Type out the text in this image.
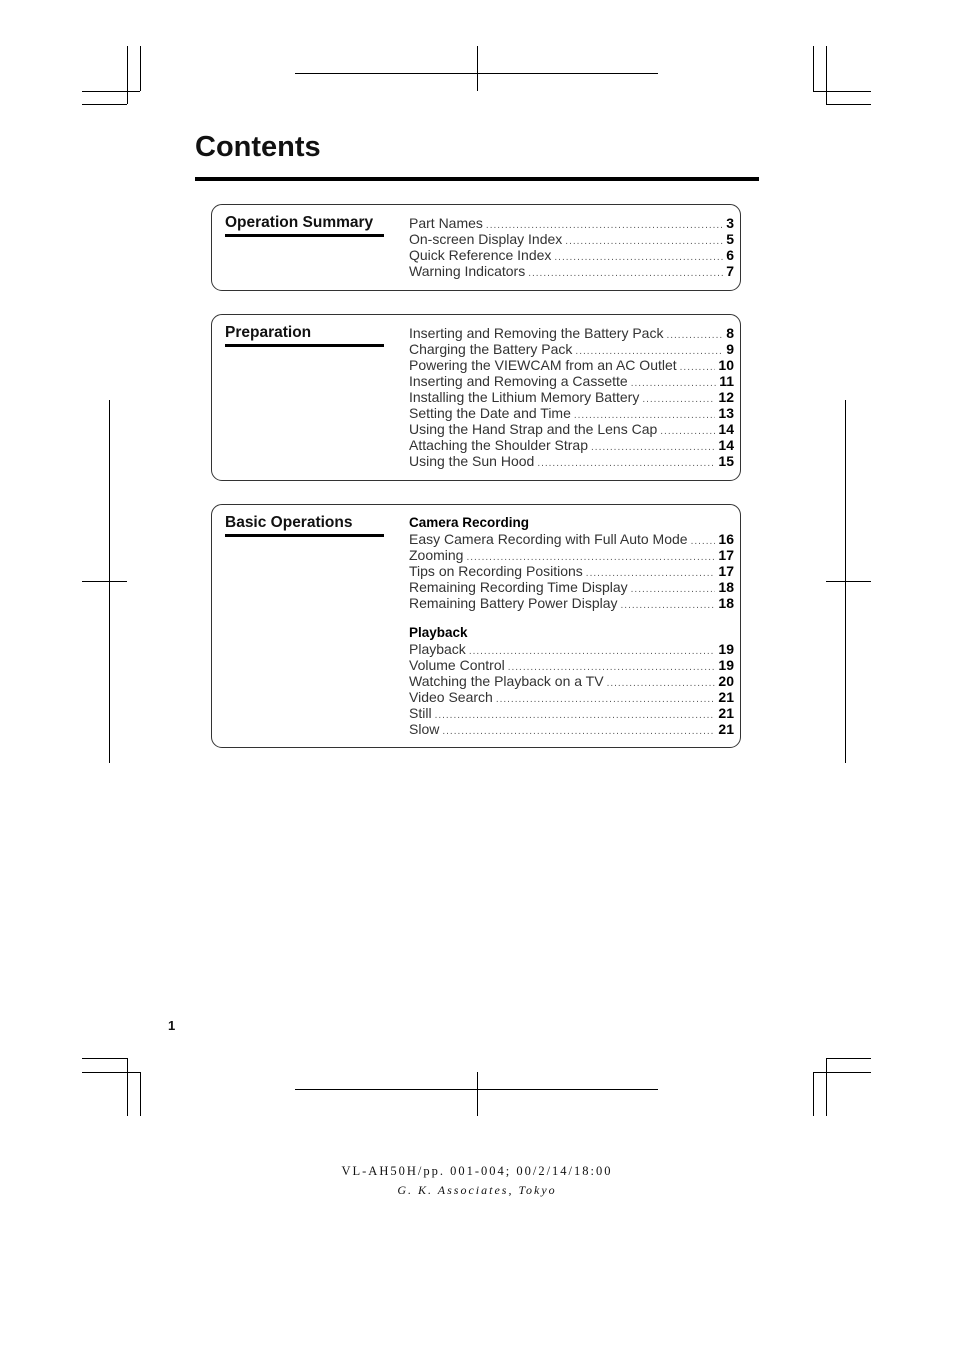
Contents
Operation Summary	Part Names .....	3
On-screen Display Index .....	5
Quick Reference Index .....	6
Warning Indicators .....	7
Preparation	Inserting and Removing the Battery Pack .....	8
Charging the Battery Pack .....	9
Powering the VIEWCAM from an AC Outlet .....	10
Inserting and Removing a Cassette .....	11
Installing the Lithium Memory Battery .....	12
Setting the Date and Time .....	13
Using the Hand Strap and the Lens Cap .....	14
Attaching the Shoulder Strap .....	14
Using the Sun Hood .....	15
Basic Operations	Camera Recording
Easy Camera Recording with Full Auto Mode ..... 16
Zooming .....	17
Tips on Recording Positions .....	17
Remaining Recording Time Display .....	18
Remaining Battery Power Display .....	18
Playback
Playback .....	19
Volume Control .....	19
Watching the Playback on a TV .....	20
Video Search .....	21
Still .....	21
Slow .....	21
1
VL-AH50H/pp. 001-004; 00/2/14/18:00
G. K. Associates, Tokyo
